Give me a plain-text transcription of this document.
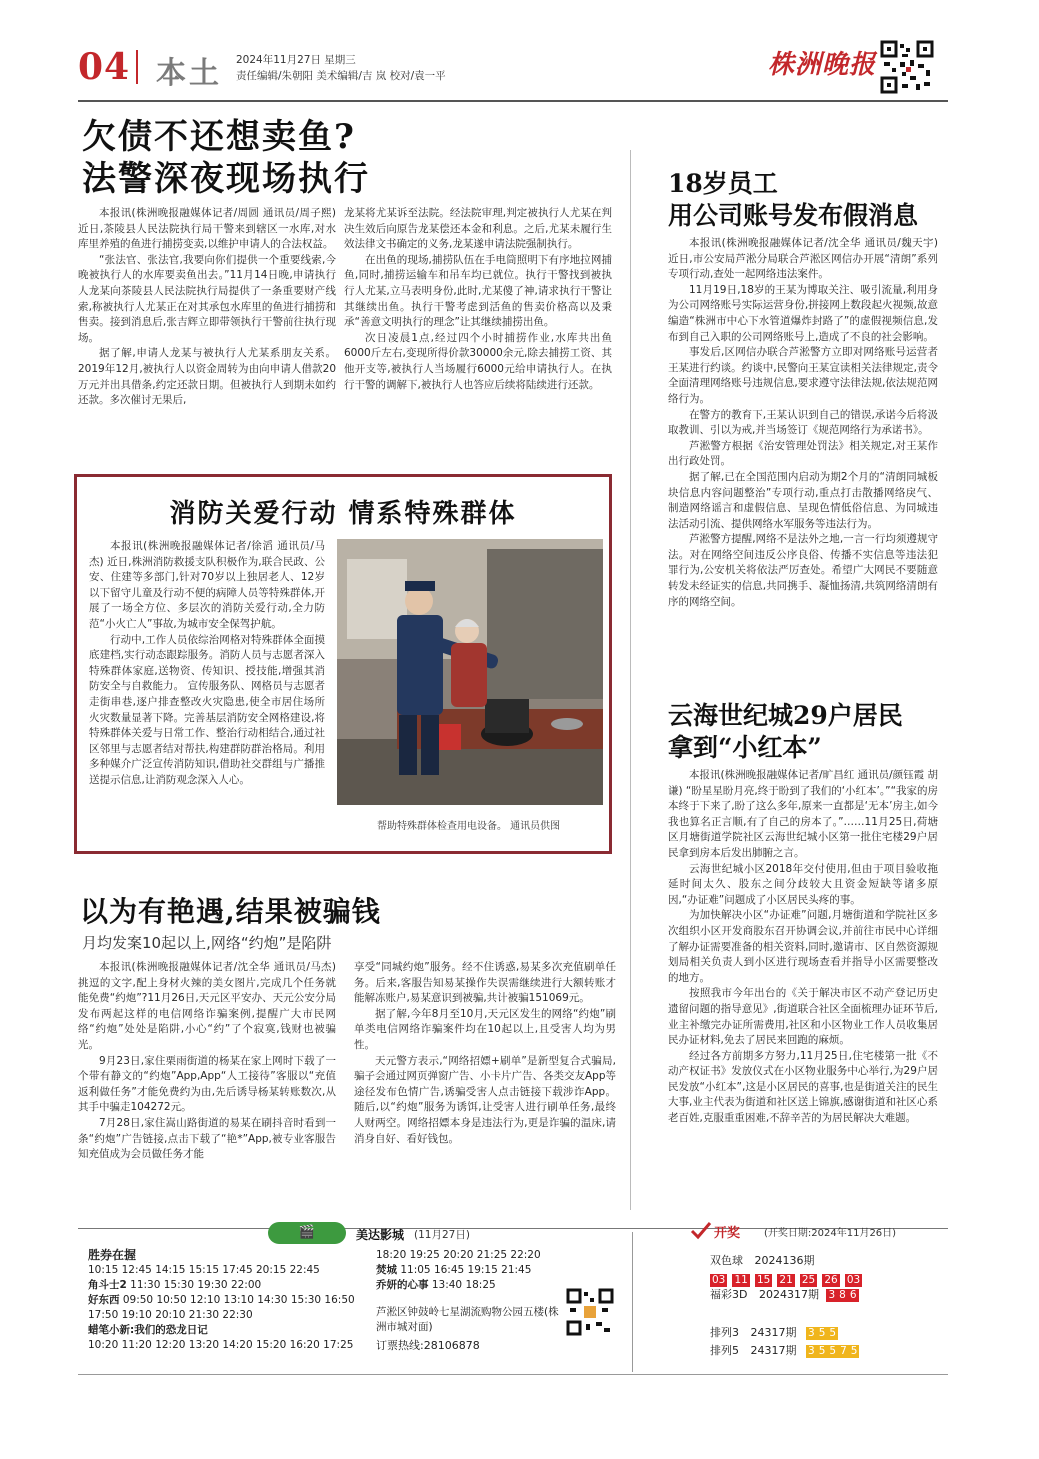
04 本土 2024年11月27日 星期三
责任编辑/朱朝阳 美术编辑/吉 岚 校对/袁一平	株洲晚报
欠债不还想卖鱼?
法警深夜现场执行

本报讯(株洲晚报融媒体记者/周圆 通讯员/周子熙) 近日,茶陵县人民法院执行局干警来到辖区一水库,对水库里养殖的鱼进行捕捞变卖,以维护申请人的合法权益。

“张法官、张法官,我要向你们提供一个重要线索,今晚被执行人的水库要卖鱼出去。”11月14日晚,申请执行人龙某向茶陵县人民法院执行局提供了一条重要财产线索,称被执行人尤某正在对其承包水库里的鱼进行捕捞和售卖。接到消息后,张吉辉立即带领执行干警前往执行现场。

据了解,申请人龙某与被执行人尤某系朋友关系。2019年12月,被执行人以资金周转为由向申请人借款20万元并出具借条,约定还款日期。但被执行人到期未如约还款。多次催讨无果后,

龙某将尤某诉至法院。经法院审理,判定被执行人尤某在判决生效后向原告龙某偿还本金和利息。之后,尤某未履行生效法律文书确定的义务,龙某遂申请法院强制执行。

在出鱼的现场,捕捞队伍在手电筒照明下有序地拉网捕鱼,同时,捕捞运输车和吊车均已就位。执行干警找到被执行人尤某,立马表明身份,此时,尤某傻了神,请求执行干警让其继续出鱼。执行干警考虑到活鱼的售卖价格高以及秉承“善意文明执行的理念”让其继续捕捞出鱼。

次日凌晨1点,经过四个小时捕捞作业,水库共出鱼6000斤左右,变现所得价款30000余元,除去捕捞工资、其他开支等,被执行人当场履行6000元给申请执行人。在执行干警的调解下,被执行人也答应后续将陆续进行还款。

消防关爱行动 情系特殊群体

本报讯(株洲晚报融媒体记者/徐滔 通讯员/马杰) 近日,株洲消防救援支队积极作为,联合民政、公安、住建等多部门,针对70岁以上独居老人、12岁以下留守儿童及行动不便的病障人员等特殊群体,开展了一场全方位、多层次的消防关爱行动,全力防范“小火亡人”事故,为城市安全保驾护航。

行动中,工作人员依综治网格对特殊群体全面摸底建档,实行动态跟踪服务。消防人员与志愿者深入特殊群体家庭,送物资、传知识、授技能,增强其消防安全与自救能力。 宣传服务队、网格员与志愿者走街串巷,逐户排查整改火灾隐患,使全市居住场所火灾数量显著下降。完善基层消防安全网格建设,将特殊群体关爱与日常工作、整治行动相结合,通过社区邻里与志愿者结对帮扶,构建群防群治格局。利用多种媒介广泛宣传消防知识,借助社交群组与广播推送提示信息,让消防观念深入人心。

帮助特殊群体检查用电设备。 通讯员供图
以为有艳遇,结果被骗钱
月均发案10起以上,网络“约炮”是陷阱

本报讯(株洲晚报融媒体记者/沈全华 通讯员/马杰) 挑逗的文字,配上身材火辣的美女图片,完成几个任务就能免费“约炮”?11月26日,天元区平安办、天元公安分局发布两起这样的电信网络诈骗案例,提醒广大市民网络“约炮”处处是陷阱,小心“约”了个寂寞,钱财也被骗光。

9月23日,家住栗雨街道的杨某在家上网时下载了一个带有静文的“约炮”App,App“人工接待”客服以“充值返利做任务”才能免费约为由,先后诱导杨某转账数次,从其手中骗走104272元。

7月28日,家住嵩山路街道的易某在刷抖音时看到一条“约炮”广告链接,点击下载了“艳*”App,被专业客服告知充值成为会员做任务才能

享受“同城约炮”服务。经不住诱惑,易某多次充值刷单任务。后来,客服告知易某操作失误需继续进行大额转账才能解冻账户,易某意识到被骗,共计被骗151069元。

据了解,今年8月至10月,天元区发生的网络“约炮”刷单类电信网络诈骗案件均在10起以上,且受害人均为男性。

天元警方表示,“网络招嫖+刷单”是新型复合式骗局,骗子会通过网页弹窗广告、小卡片广告、各类交友App等途径发布色情广告,诱骗受害人点击链接下载涉诈App。随后,以“约炮”服务为诱饵,让受害人进行刷单任务,最终人财两空。网络招嫖本身是违法行为,更是诈骗的温床,请消身自好、看好钱包。

18岁员工
用公司账号发布假消息

本报讯(株洲晚报融媒体记者/沈全华 通讯员/魏天宇) 近日,市公安局芦淞分局联合芦淞区网信办开展“清朗”系列专项行动,查处一起网络违法案件。

11月19日,18岁的王某为博取关注、吸引流量,利用身为公司网络账号实际运营身份,拼接网上数段起火视频,故意编造“株洲市中心下水管道爆炸封路了”的虚假视频信息,发布到自己入职的公司网络账号上,造成了不良的社会影响。

事发后,区网信办联合芦淞警方立即对网络账号运营者王某进行约谈。约谈中,民警向王某宣读相关法律规定,责令全面清理网络账号违规信息,要求遵守法律法规,依法规范网络行为。

在警方的教育下,王某认识到自己的错误,承诺今后将汲取教训、引以为戒,并当场签订《规范网络行为承诺书》。

芦淞警方根据《治安管理处罚法》相关规定,对王某作出行政处罚。

据了解,已在全国范围内启动为期2个月的“清朗同城板块信息内容问题整治”专项行动,重点打击散播网络戾气、制造网络谣言和虚假信息、呈现色情低俗信息、为同城违法活动引流、提供网络水军服务等违法行为。

芦淞警方提醒,网络不是法外之地,一言一行均须遵规守法。对在网络空间违反公序良俗、传播不实信息等违法犯罪行为,公安机关将依法严厉查处。希望广大网民不要随意转发未经证实的信息,共同携手、凝恤扬清,共筑网络清朗有序的网络空间。

云海世纪城29户居民
拿到“小红本”

本报讯(株洲晚报融媒体记者/旷昌红 通讯员/颜钰霞 胡谦) “盼星星盼月亮,终于盼到了我们的‘小红本’。”“我家的房本终于下来了,盼了这么多年,原来一直都是‘无本’房主,如今我也算名正言顺,有了自己的房本了。”……11月25日,荷塘区月塘街道学院社区云海世纪城小区第一批住宅楼29户居民拿到房本后发出肺腑之言。

云海世纪城小区2018年交付使用,但由于项目验收拖延时间太久、股东之间分歧较大且资金短缺等诸多原因,“办证难”问题成了小区居民头疼的事。

为加快解决小区“办证难”问题,月塘街道和学院社区多次组织小区开发商股东召开协调会议,并前往市民中心详细了解办证需要准备的相关资料,同时,邀请市、区自然资源规划局相关负责人到小区进行现场查看并指导小区需要整改的地方。

按照我市今年出台的《关于解决市区不动产登记历史遗留问题的指导意见》,街道联合社区全面梳理办证环节后,业主补缴完办证所需费用,社区和小区物业工作人员收集居民办证材料,免去了居民来回跑的麻烦。

经过各方前期多方努力,11月25日,住宅楼第一批《不动产权证书》发放仪式在小区物业服务中心举行,为29户居民发放“小红本”,这是小区居民的喜事,也是街道关注的民生大事,业主代表为街道和社区送上锦旗,感谢街道和社区心系老百姓,克服重重困难,不辞辛苦的为居民解决大难题。

🎬	美达影城 (11月27日)
胜券在握
10:15 12:45 14:15 15:15 17:45 20:15 22:45
角斗士2 11:30 15:30 19:30 22:00
好东西 09:50 10:50 12:10 13:10 14:30 15:30 16:50 17:50 19:10 20:10 21:30 22:30
蜡笔小新:我们的恐龙日记
10:20 11:20 12:20 13:20 14:20 15:20 16:20 17:25
18:20 19:25 20:20 21:25 22:20
焚城 11:05 16:45 19:15 21:45
乔妍的心事 13:40 18:25
芦淞区钟鼓岭七星湖流购物公园五楼(株洲市城对面)
订票热线:28106878
开奖 (开奖日期:2024年11月26日)
双色球 2024136期
03 11 15 21 25 26 03
福彩3D 2024317期 3 8 6
排列3 24317期 3 5 5
排列5 24317期 3 5 5 7 5
